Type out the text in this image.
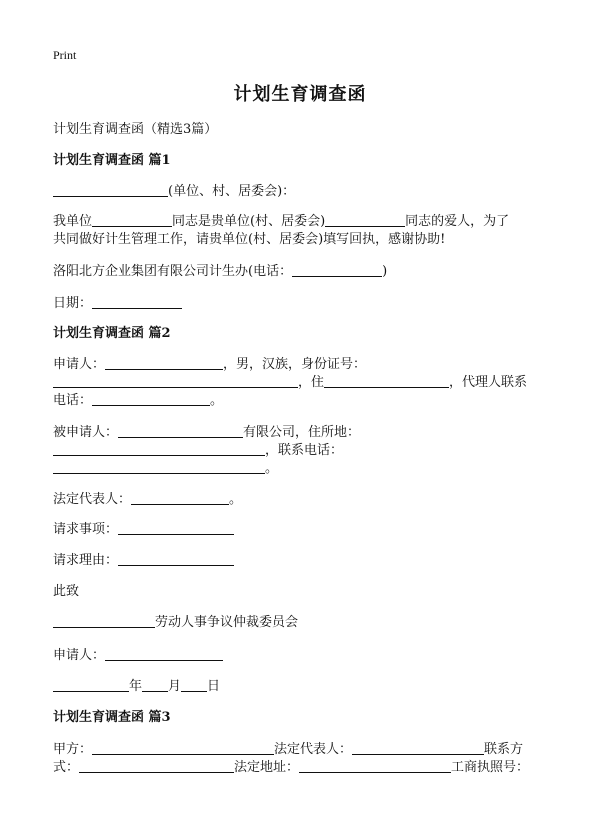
Print
计划生育调查函
计划生育调查函（精选3篇）
计划生育调查函 篇1
(单位、村、居委会)：
我单位	同志是贵单位(村、居委会)	同志的爱人，为了
共同做好计生管理工作，请贵单位(村、居委会)填写回执，感谢协助!
洛阳北方企业集团有限公司计生办(电话：	)
日期：
计划生育调查函 篇2
申请人：	，男，汉族，身份证号：
，住	，代理人联系
电话：	。
被申请人：	有限公司，住所地：
，联系电话：
。
法定代表人：	。
请求事项：
请求理由：
此致
劳动人事争议仲裁委员会
申请人：
年 月 日
计划生育调查函 篇3
甲方：	法定代表人：	联系方
式：	法定地址：	工商执照号：
